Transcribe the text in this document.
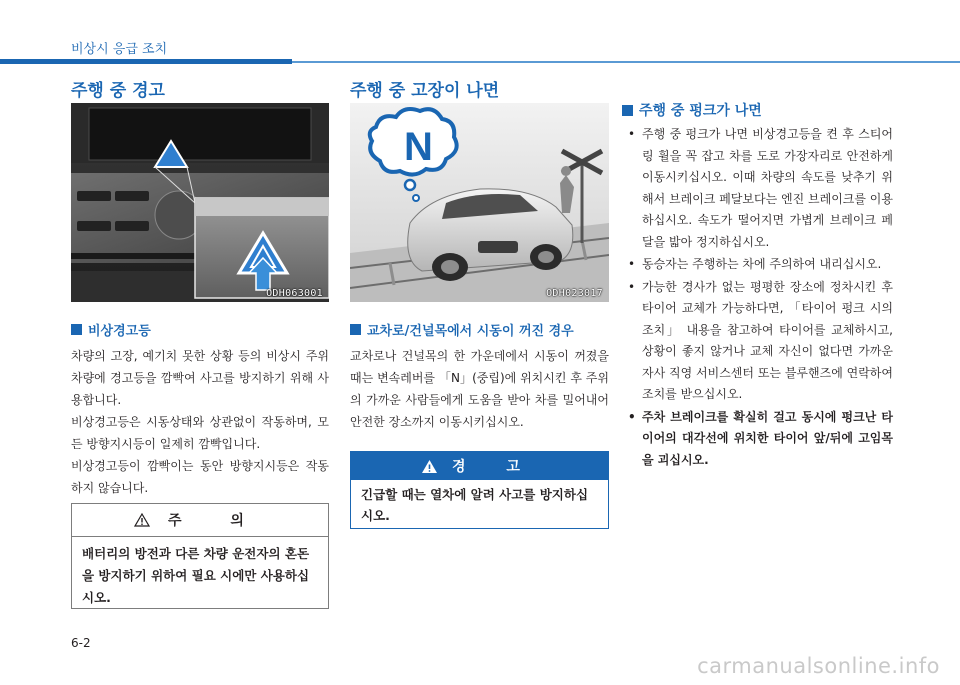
비상시 응급 조치
주행 중 경고
ODH063001
비상경고등

차량의 고장, 예기치 못한 상황 등의 비상시 주위 차량에 경고등을 깜빡여 사고를 방지하기 위해 사용합니다.

비상경고등은 시동상태와 상관없이 작동하며, 모든 방향지시등이 일제히 깜빡입니다.

비상경고등이 깜빡이는 동안 방향지시등은 작동하지 않습니다.

주 의
배터리의 방전과 다른 차량 운전자의 혼돈을 방지하기 위하여 필요 시에만 사용하십시오.
주행 중 고장이 나면
N
ODH023017
교차로/건널목에서 시동이 꺼진 경우

교차로나 건널목의 한 가운데에서 시동이 꺼졌을 때는 변속레버를 「N」(중립)에 위치시킨 후 주위의 가까운 사람들에게 도움을 받아 차를 밀어내어 안전한 장소까지 이동시키십시오.

경 고
긴급할 때는 열차에 알려 사고를 방지하십시오.
주행 중 펑크가 나면
• 주행 중 펑크가 나면 비상경고등을 켠 후 스티어링 휠을 꼭 잡고 차를 도로 가장자리로 안전하게 이동시키십시오. 이때 차량의 속도를 낮추기 위해서 브레이크 페달보다는 엔진 브레이크를 이용하십시오. 속도가 떨어지면 가볍게 브레이크 페달을 밟아 정지하십시오.
• 동승자는 주행하는 차에 주의하여 내리십시오.
• 가능한 경사가 없는 평평한 장소에 정차시킨 후 타이어 교체가 가능하다면, 「타이어 펑크 시의 조치」 내용을 참고하여 타이어를 교체하시고, 상황이 좋지 않거나 교체 자신이 없다면 가까운 자사 직영 서비스센터 또는 블루핸즈에 연락하여 조치를 받으십시오.
• 주차 브레이크를 확실히 걸고 동시에 펑크난 타이어의 대각선에 위치한 타이어 앞/뒤에 고임목을 괴십시오.
6-2
carmanualsonline.info
